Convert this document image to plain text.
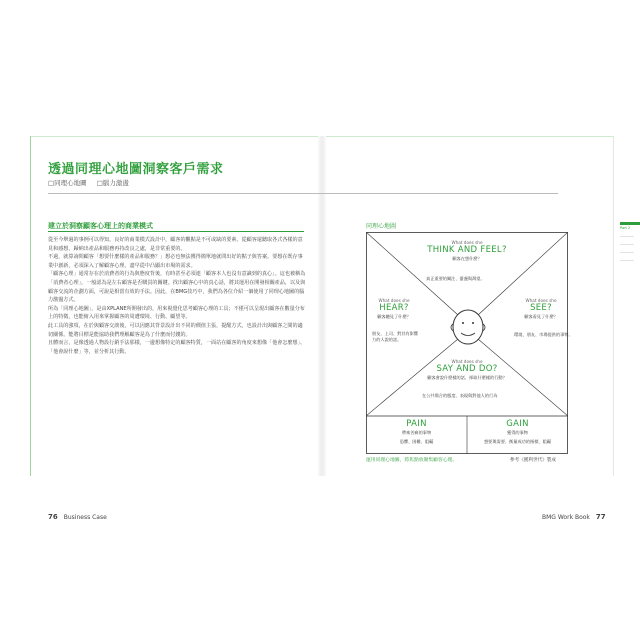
透過同理心地圖洞察客戶需求
□同理心地圖 □腦力激盪
建立於洞察顧客心理上的商業模式

從至今舉過的事例可以得知，良好的商業模式設計中，顧客的觀點是不可或缺的要素。從顧客還聽取各式各樣的意見和感想，歸納出產品和服務再持改良之處，是非常重要的。

不過，就算詢問顧客「想要什麼樣的產品和服務？」想必也無法獲得簡單地就問出好的點子與答案。要想在既存事業中創新，必須深入了解顧客心理，盡早從中凸顯出市場的需求。

「顧客心理」通常存在於消費者的行為與態度背後，有時甚至必須連「顧客本人也沒有意識到的真心」。這也被稱為「消費者心理」，一般認為是左右顧客是否購買的關鍵。找出顧客心中的真心話，將其運用在開發相關產品，以及與顧客交流的企劃方面，可說是相當有效的手法。因此，在BMG技巧中，我們為各位介紹一個使用了同理心地圖的腦力激盪方式。

所為「同理心地圖」，是由XPLANE所開發出的，用來視覺化思考顧客心理的工具；不僅可以呈現出顧客在數量分布上的特徵，也能俯入用來掌握顧客的周遭環境、行動、顧望等。

此工具的強項，在於與顧客交談後，可以因應其背景設計出不同的價值主張，提醒方式，也設計出與顧客之間的適切關係。能將目標是能協助我們理解顧客是為了什麼而付錢的。

且體而言，是像透過人物設行銷手法那樣，一邊想像特定的顧客特質，一面站在顧客的角度來想像「他會怎麼想」、「他會說什麼」等，並分析其行動。

76 Business Case	BMG Work Book 77
同理心地圖
What does she
THINK AND FEEL?
顧客在想什麼？
真正重要的關注、憂慮與渴望。
What does she
HEAR?
顧客聽見了什麼？
朋友、上司、對其有影響力的人說的話。
What does she
SEE?
顧客看見了什麼？
環境、朋友、市場提供的事物。
What does she
SAY AND DO?
顧客會說什麼樣的話，採取什麼樣的行動？
在公共場合的態度、表現與對他人的行為
PAIN
帶來苦痛的事物
恐懼、困難、阻礙
GAIN
獲得的事物
想要與需要、衡量成功的指標、阻礙
運用同理心地圖，將焦點放聚集顧客心理。	參考《獲利世代》製成
Part 2
